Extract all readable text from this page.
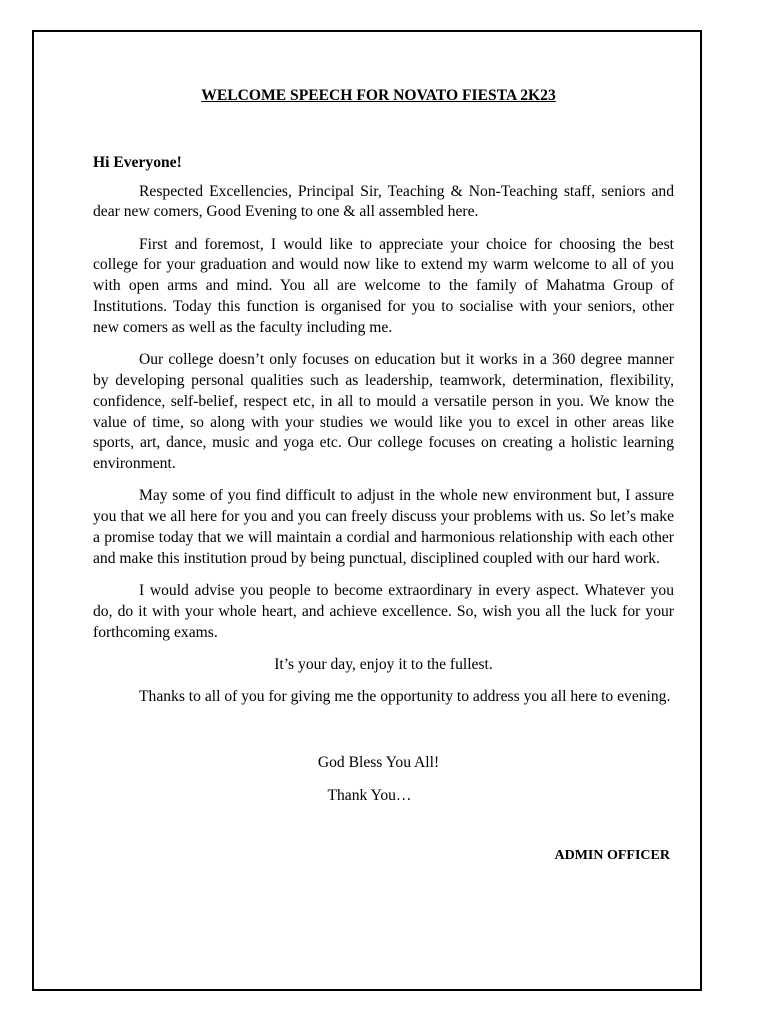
WELCOME SPEECH FOR NOVATO FIESTA 2K23

Hi Everyone!

Respected Excellencies, Principal Sir, Teaching & Non-Teaching staff, seniors and dear new comers, Good Evening to one & all assembled here.

First and foremost, I would like to appreciate your choice for choosing the best college for your graduation and would now like to extend my warm welcome to all of you with open arms and mind. You all are welcome to the family of Mahatma Group of Institutions. Today this function is organised for you to socialise with your seniors, other new comers as well as the faculty including me.

Our college doesn’t only focuses on education but it works in a 360 degree manner by developing personal qualities such as leadership, teamwork, determination, flexibility, confidence, self-belief, respect etc, in all to mould a versatile person in you. We know the value of time, so along with your studies we would like you to excel in other areas like sports, art, dance, music and yoga etc. Our college focuses on creating a holistic learning environment.

May some of you find difficult to adjust in the whole new environment but, I assure you that we all here for you and you can freely discuss your problems with us. So let’s make a promise today that we will maintain a cordial and harmonious relationship with each other and make this institution proud by being punctual, disciplined coupled with our hard work.

I would advise you people to become extraordinary in every aspect. Whatever you do, do it with your whole heart, and achieve excellence. So, wish you all the luck for your forthcoming exams.

It’s your day, enjoy it to the fullest.

Thanks to all of you for giving me the opportunity to address you all here to evening.

God Bless You All!

Thank You…

ADMIN OFFICER
